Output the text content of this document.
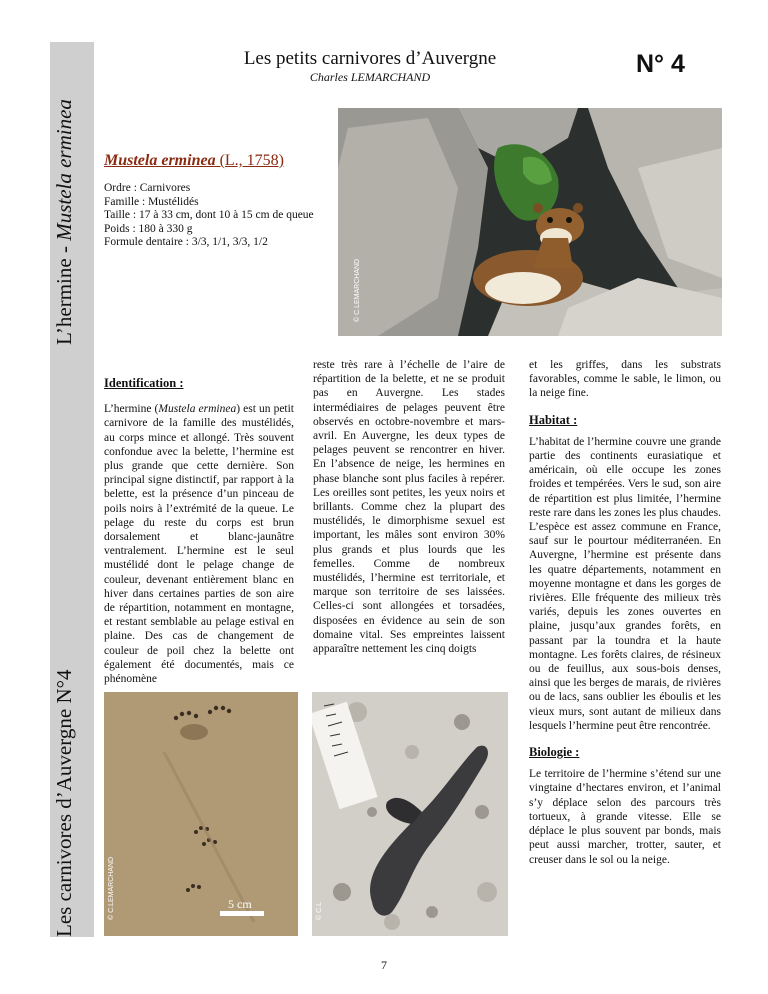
L’hermine - Mustela erminea
Les carnivores d’Auvergne N°4
Les petits carnivores d’Auvergne
Charles LEMARCHAND	N° 4
© C.LEMARCHAND
Mustela erminea (L., 1758)
Ordre : Carnivores
Famille : Mustélidés
Taille : 17 à 33 cm, dont 10 à 15 cm de queue
Poids : 180 à 330 g
Formule dentaire : 3/3, 1/1, 3/3, 1/2
Identification :
L’hermine (Mustela erminea) est un petit carnivore de la famille des mustélidés, au corps mince et allongé. Très souvent confondue avec la belette, l’hermine est plus grande que cette dernière. Son principal signe distinctif, par rapport à la belette, est la présence d’un pinceau de poils noirs à l’extrémité de la queue. Le pelage du reste du corps est brun dorsalement et blanc-jaunâtre ventralement. L’hermine est le seul mustélidé dont le pelage change de couleur, devenant entièrement blanc en hiver dans certaines parties de son aire de répartition, notamment en montagne, et restant semblable au pelage estival en plaine. Des cas de changement de couleur de poil chez la belette ont également été documentés, mais ce phénomène
reste très rare à l’échelle de l’aire de répartition de la belette, et ne se produit pas en Auvergne. Les stades intermédiaires de pelages peuvent être observés en octobre-novembre et mars-avril. En Auvergne, les deux types de pelages peuvent se rencontrer en hiver. En l’absence de neige, les hermines en phase blanche sont plus faciles à repérer. Les oreilles sont petites, les yeux noirs et brillants. Comme chez la plupart des mustélidés, le dimorphisme sexuel est important, les mâles sont environ 30% plus grands et plus lourds que les femelles. Comme de nombreux mustélidés, l’hermine est territoriale, et marque son territoire de ses laissées. Celles-ci sont allongées et torsadées, disposées en évidence au sein de son domaine vital. Ses empreintes laissent apparaître nettement les cinq doigts
et les griffes, dans les substrats favorables, comme le sable, le limon, ou la neige fine.
Habitat :
L’habitat de l’hermine couvre une grande partie des continents eurasiatique et américain, où elle occupe les zones froides et tempérées. Vers le sud, son aire de répartition est plus limitée, l’hermine reste rare dans les zones les plus chaudes. L’espèce est assez commune en France, sauf sur le pourtour méditerranéen. En Auvergne, l’hermine est présente dans les quatre départements, notamment en moyenne montagne et dans les gorges de rivières. Elle fréquente des milieux très variés, depuis les zones ouvertes en plaine, jusqu’aux grandes forêts, en passant par la toundra et la haute montagne. Les forêts claires, de résineux ou de feuillus, aux sous-bois denses, ainsi que les berges de marais, de rivières ou de lacs, sans oublier les éboulis et les vieux murs, sont autant de milieux dans lesquels l’hermine peut être rencontrée.
Biologie :
Le territoire de l’hermine s’étend sur une vingtaine d’hectares environ, et l’animal s’y déplace selon des parcours très tortueux, à grande vitesse. Elle se déplace le plus souvent par bonds, mais peut aussi marcher, trotter, sauter, et creuser dans le sol ou la neige.
5 cm
© C.LEMARCHAND	© C.L
7
